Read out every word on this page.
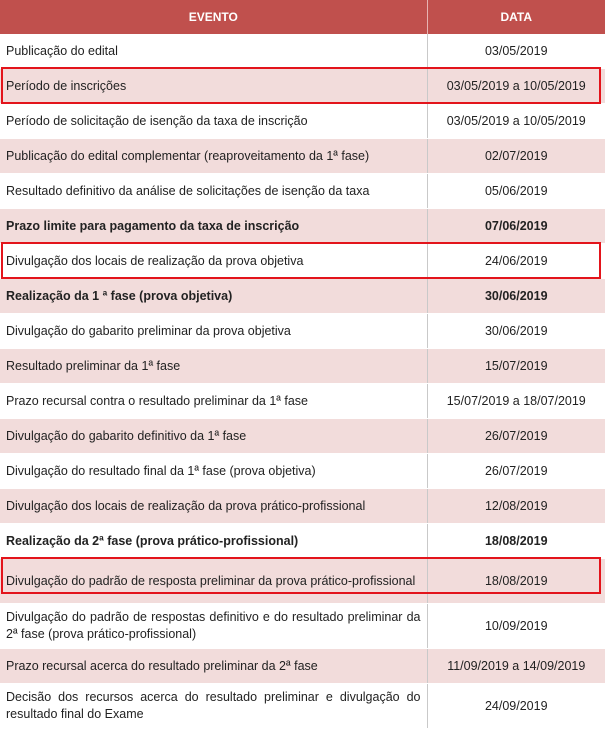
EVENTO	DATA
Publicação do edital	03/05/2019
Período de inscrições	03/05/2019 a 10/05/2019
Período de solicitação de isenção da taxa de inscrição	03/05/2019 a 10/05/2019
Publicação do edital complementar (reaproveitamento da 1ª fase)	02/07/2019
Resultado definitivo da análise de solicitações de isenção da taxa	05/06/2019
Prazo limite para pagamento da taxa de inscrição	07/06/2019
Divulgação dos locais de realização da prova objetiva	24/06/2019
Realização da 1 ª fase (prova objetiva)	30/06/2019
Divulgação do gabarito preliminar da prova objetiva	30/06/2019
Resultado preliminar da 1ª fase	15/07/2019
Prazo recursal contra o resultado preliminar da 1ª fase	15/07/2019 a 18/07/2019
Divulgação do gabarito definitivo da 1ª fase	26/07/2019
Divulgação do resultado final da 1ª fase (prova objetiva)	26/07/2019
Divulgação dos locais de realização da prova prático-profissional	12/08/2019
Realização da 2ª fase (prova prático-profissional)	18/08/2019
Divulgação do padrão de resposta preliminar da prova prático-profissional	18/08/2019
Divulgação do padrão de respostas definitivo e do resultado preliminar da 2ª fase (prova prático-profissional)	10/09/2019
Prazo recursal acerca do resultado preliminar da 2ª fase	11/09/2019 a 14/09/2019
Decisão dos recursos acerca do resultado preliminar e divulgação do resultado final do Exame	24/09/2019
